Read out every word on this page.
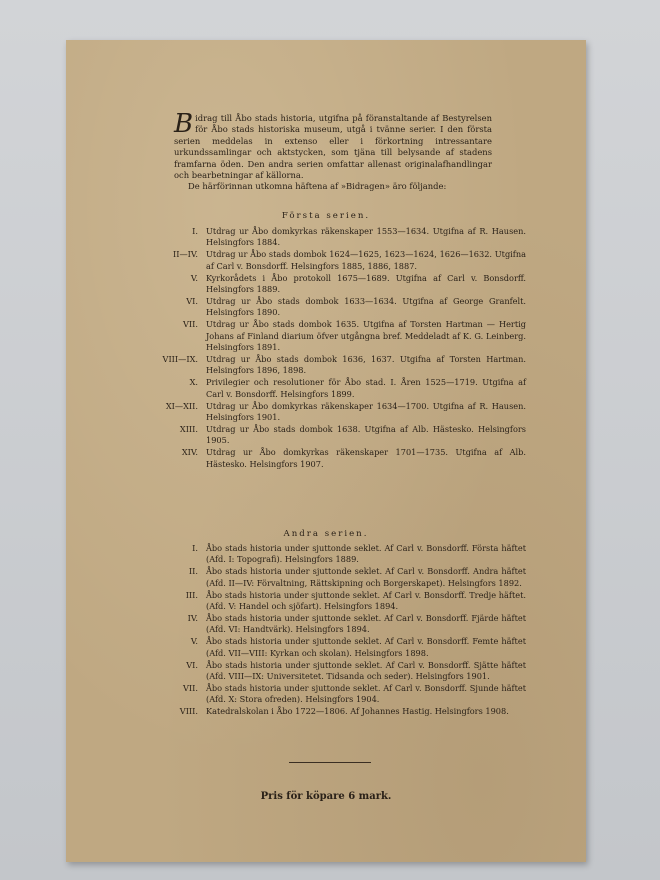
Bidrag till Åbo stads historia, utgifna på föranstaltande af Bestyrelsen för Åbo stads historiska museum, utgå i tvänne serier. I den första serien meddelas in extenso eller i förkortning intressantare urkundssamlingar och aktstycken, som tjäna till belysande af stadens framfarna öden. Den andra serien omfattar allenast originalafhandlingar och bearbetningar af källorna.
De härförinnan utkomna häftena af »Bidragen» äro följande:
Första serien.
I. Utdrag ur Åbo domkyrkas räkenskaper 1553—1634. Utgifna af R. Hausen. Helsingfors 1884.
II—IV. Utdrag ur Åbo stads dombok 1624—1625, 1623—1624, 1626—1632. Utgifna af Carl v. Bonsdorff. Helsingfors 1885, 1886, 1887.
V. Kyrkorådets i Åbo protokoll 1675—1689. Utgifna af Carl v. Bonsdorff. Helsingfors 1889.
VI. Utdrag ur Åbo stads dombok 1633—1634. Utgifna af George Granfelt. Helsingfors 1890.
VII. Utdrag ur Åbo stads dombok 1635. Utgifna af Torsten Hartman — Hertig Johans af Finland diarium öfver utgångna bref. Meddeladt af K. G. Leinberg. Helsingfors 1891.
VIII—IX. Utdrag ur Åbo stads dombok 1636, 1637. Utgifna af Torsten Hartman. Helsingfors 1896, 1898.
X. Privilegier och resolutioner för Åbo stad. I. Åren 1525—1719. Utgifna af Carl v. Bonsdorff. Helsingfors 1899.
XI—XII. Utdrag ur Åbo domkyrkas räkenskaper 1634—1700. Utgifna af R. Hausen. Helsingfors 1901.
XIII. Utdrag ur Åbo stads dombok 1638. Utgifna af Alb. Hästesko. Helsingfors 1905.
XIV. Utdrag ur Åbo domkyrkas räkenskaper 1701—1735. Utgifna af Alb. Hästesko. Helsingfors 1907.
Andra serien.
I. Åbo stads historia under sjuttonde seklet. Af Carl v. Bonsdorff. Första häftet (Afd. I: Topografi). Helsingfors 1889.
II. Åbo stads historia under sjuttonde seklet. Af Carl v. Bonsdorff. Andra häftet (Afd. II—IV: Förvaltning, Rättskipning och Borgerskapet). Helsingfors 1892.
III. Åbo stads historia under sjuttonde seklet. Af Carl v. Bonsdorff. Tredje häftet. (Afd. V: Handel och sjöfart). Helsingfors 1894.
IV. Åbo stads historia under sjuttonde seklet. Af Carl v. Bonsdorff. Fjärde häftet (Afd. VI: Handtvärk). Helsingfors 1894.
V. Åbo stads historia under sjuttonde seklet. Af Carl v. Bonsdorff. Femte häftet (Afd. VII—VIII: Kyrkan och skolan). Helsingfors 1898.
VI. Åbo stads historia under sjuttonde seklet. Af Carl v. Bonsdorff. Sjätte häftet (Afd. VIII—IX: Universitetet. Tidsanda och seder). Helsingfors 1901.
VII. Åbo stads historia under sjuttonde seklet. Af Carl v. Bonsdorff. Sjunde häftet (Afd. X: Stora ofreden). Helsingfors 1904.
VIII. Katedralskolan i Åbo 1722—1806. Af Johannes Hastig. Helsingfors 1908.
Pris för köpare 6 mark.
